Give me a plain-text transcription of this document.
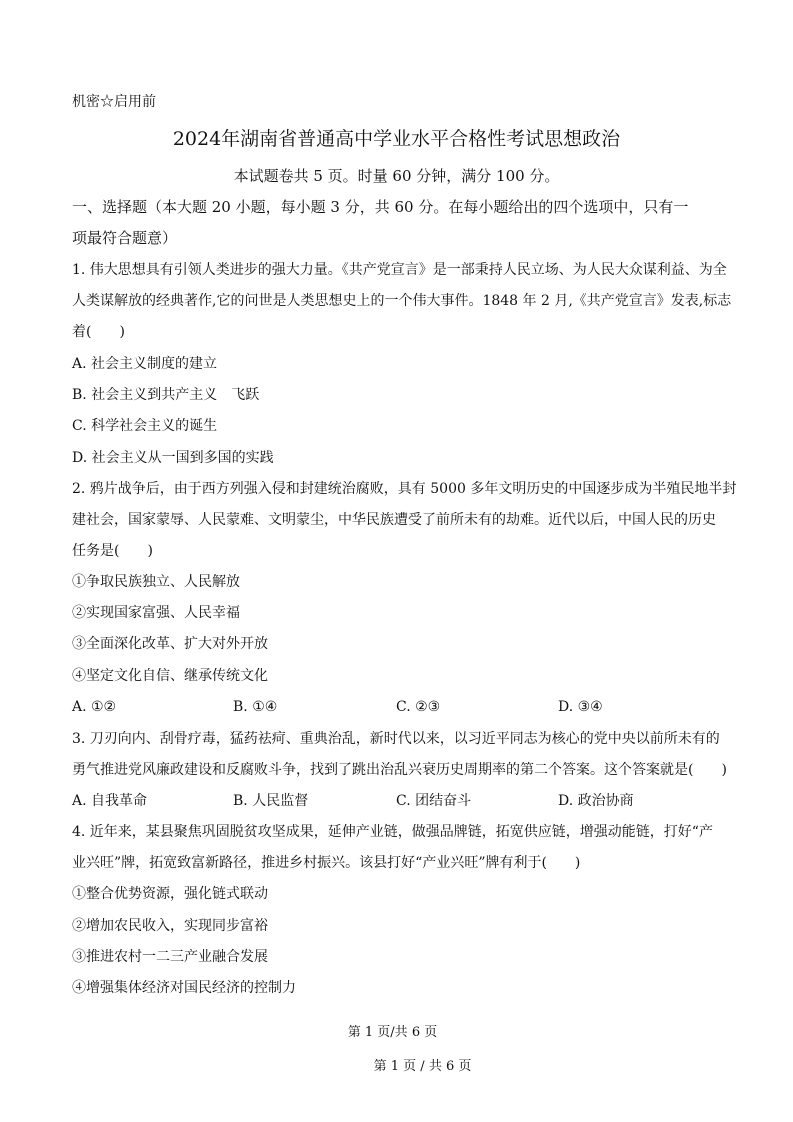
机密☆启用前
2024年湖南省普通高中学业水平合格性考试思想政治
本试题卷共 5 页。时量 60 分钟，满分 100 分。
一、选择题（本大题 20 小题，每小题 3 分，共 60 分。在每小题给出的四个选项中，只有一
项最符合题意）
1. 伟大思想具有引领人类进步的强大力量。《共产党宣言》是一部秉持人民立场、为人民大众谋利益、为全
人类谋解放的经典著作,它的问世是人类思想史上的一个伟大事件。1848 年 2 月,《共产党宣言》发表,标志
着(　　)
A. 社会主义制度的建立
B. 社会主义到共产主义　飞跃
C. 科学社会主义的诞生
D. 社会主义从一国到多国的实践
2. 鸦片战争后，由于西方列强入侵和封建统治腐败，具有 5000 多年文明历史的中国逐步成为半殖民地半封
建社会，国家蒙辱、人民蒙难、文明蒙尘，中华民族遭受了前所未有的劫难。近代以后，中国人民的历史
任务是(　　)
①争取民族独立、人民解放
②实现国家富强、人民幸福
③全面深化改革、扩大对外开放
④坚定文化自信、继承传统文化
A. ①②	B. ①④	C. ②③	D. ③④
3. 刀刃向内、刮骨疗毒，猛药祛疴、重典治乱，新时代以来，以习近平同志为核心的党中央以前所未有的
勇气推进党风廉政建设和反腐败斗争，找到了跳出治乱兴衰历史周期率的第二个答案。这个答案就是(　　)
A. 自我革命	B. 人民监督	C. 团结奋斗	D. 政治协商
4. 近年来，某县聚焦巩固脱贫攻坚成果，延伸产业链，做强品牌链，拓宽供应链，增强动能链，打好“产
业兴旺”牌，拓宽致富新路径，推进乡村振兴。该县打好“产业兴旺”牌有利于(　　)
①整合优势资源，强化链式联动
②增加农民收入，实现同步富裕
③推进农村一二三产业融合发展
④增强集体经济对国民经济的控制力
第 1 页/共 6 页
第 1 页 / 共 6 页
